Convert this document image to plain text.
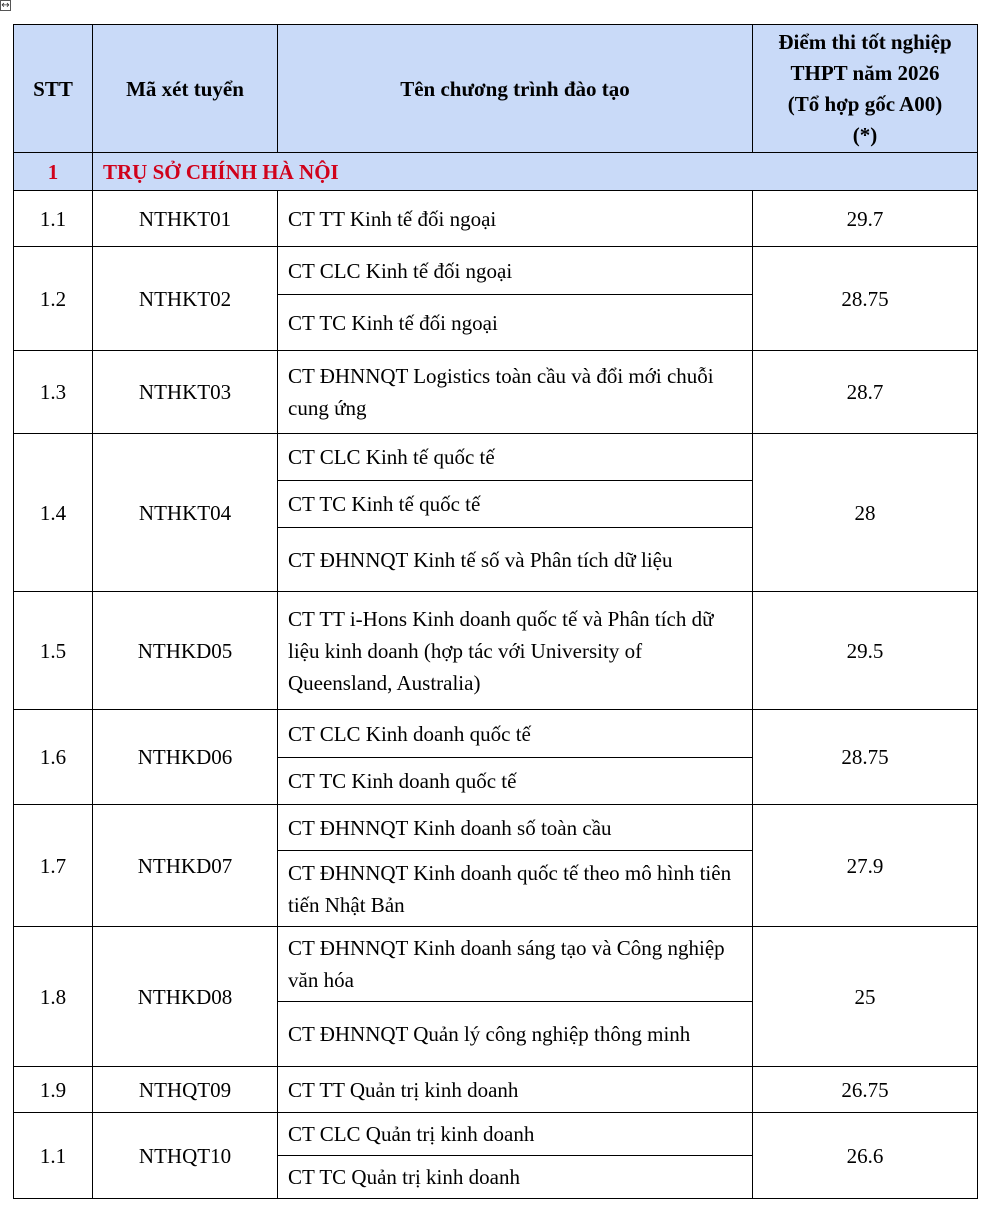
↔
STT	Mã xét tuyển	Tên chương trình đào tạo	Điểm thi tốt nghiệp
THPT năm 2026
(Tổ hợp gốc A00)
(*)
1	TRỤ SỞ CHÍNH HÀ NỘI		
1.1	NTHKT01	CT TT Kinh tế đối ngoại	29.7
1.2	NTHKT02	CT CLC Kinh tế đối ngoại	28.75
		CT TC Kinh tế đối ngoại	
1.3	NTHKT03	CT ĐHNNQT Logistics toàn cầu và đổi mới chuỗi cung ứng	28.7
1.4	NTHKT04	CT CLC Kinh tế quốc tế	28
		CT TC Kinh tế quốc tế	
		CT ĐHNNQT Kinh tế số và Phân tích dữ liệu	
1.5	NTHKD05	CT TT i-Hons Kinh doanh quốc tế và Phân tích dữ liệu kinh doanh (hợp tác với University of Queensland, Australia)	29.5
1.6	NTHKD06	CT CLC Kinh doanh quốc tế	28.75
		CT TC Kinh doanh quốc tế	
1.7	NTHKD07	CT ĐHNNQT Kinh doanh số toàn cầu	27.9
		CT ĐHNNQT Kinh doanh quốc tế theo mô hình tiên tiến Nhật Bản	
1.8	NTHKD08	CT ĐHNNQT Kinh doanh sáng tạo và Công nghiệp văn hóa	25
		CT ĐHNNQT Quản lý công nghiệp thông minh	
1.9	NTHQT09	CT TT Quản trị kinh doanh	26.75
1.1	NTHQT10	CT CLC Quản trị kinh doanh	26.6
		CT TC Quản trị kinh doanh	
